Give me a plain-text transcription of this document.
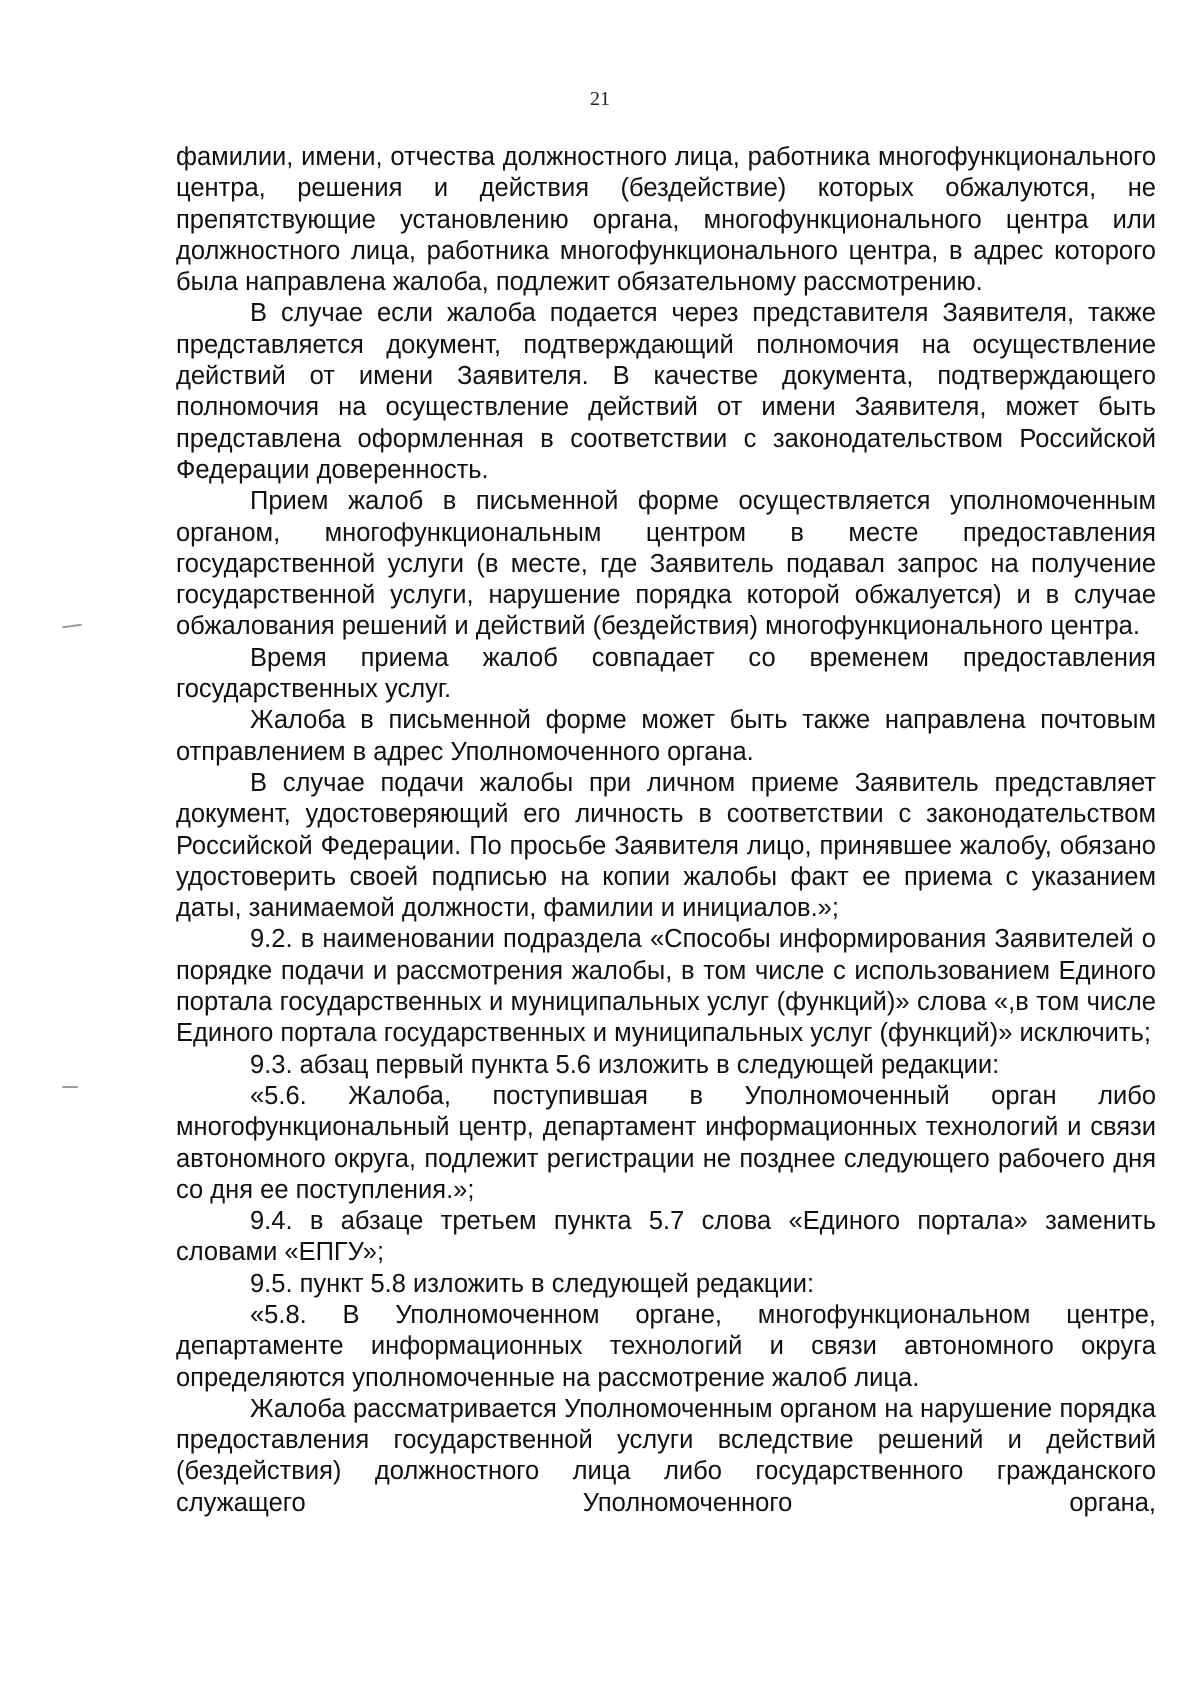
21

фамилии, имени, отчества должностного лица, работника многофункционального центра, решения и действия (бездействие) которых обжалуются, не препятствующие установлению органа, многофункционального центра или должностного лица, работника многофункционального центра, в адрес которого была направлена жалоба, подлежит обязательному рассмотрению.

В случае если жалоба подается через представителя Заявителя, также представляется документ, подтверждающий полномочия на осуществление действий от имени Заявителя. В качестве документа, подтверждающего полномочия на осуществление действий от имени Заявителя, может быть представлена оформленная в соответствии с законодательством Российской Федерации доверенность.

Прием жалоб в письменной форме осуществляется уполномоченным органом, многофункциональным центром в месте предоставления государственной услуги (в месте, где Заявитель подавал запрос на получение государственной услуги, нарушение порядка которой обжалуется) и в случае обжалования решений и действий (бездействия) многофункционального центра.

Время приема жалоб совпадает со временем предоставления государственных услуг.

Жалоба в письменной форме может быть также направлена почтовым отправлением в адрес Уполномоченного органа.

В случае подачи жалобы при личном приеме Заявитель представляет документ, удостоверяющий его личность в соответствии с законодательством Российской Федерации. По просьбе Заявителя лицо, принявшее жалобу, обязано удостоверить своей подписью на копии жалобы факт ее приема с указанием даты, занимаемой должности, фамилии и инициалов.»;

9.2. в наименовании подраздела «Способы информирования Заявителей о порядке подачи и рассмотрения жалобы, в том числе с использованием Единого портала государственных и муниципальных услуг (функций)» слова «,в том числе Единого портала государственных и муниципальных услуг (функций)» исключить;

9.3. абзац первый пункта 5.6 изложить в следующей редакции:

«5.6. Жалоба, поступившая в Уполномоченный орган либо многофункциональный центр, департамент информационных технологий и связи автономного округа, подлежит регистрации не позднее следующего рабочего дня со дня ее поступления.»;

9.4. в абзаце третьем пункта 5.7 слова «Единого портала» заменить словами «ЕПГУ»;

9.5. пункт 5.8 изложить в следующей редакции:

«5.8. В Уполномоченном органе, многофункциональном центре, департаменте информационных технологий и связи автономного округа определяются уполномоченные на рассмотрение жалоб лица.

Жалоба рассматривается Уполномоченным органом на нарушение порядка предоставления государственной услуги вследствие решений и действий (бездействия) должностного лица либо государственного гражданского служащего Уполномоченного органа,
